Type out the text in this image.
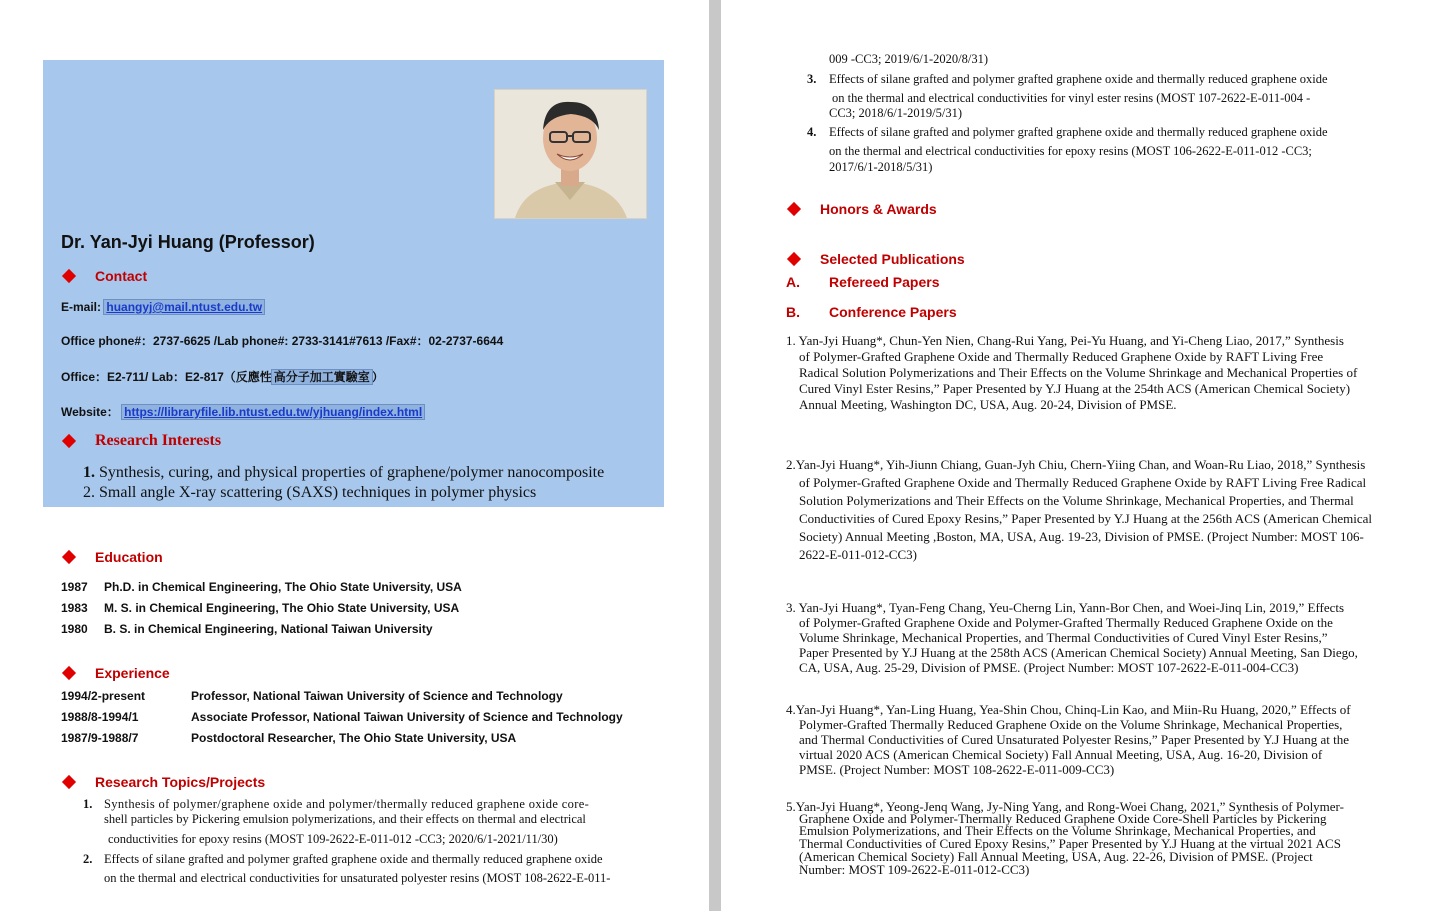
Dr. Yan-Jyi Huang (Professor)
Contact
E-mail: huangyj@mail.ntust.edu.tw
Office phone#：2737-6625 /Lab phone#: 2733-3141#7613 /Fax#：02-2737-6644
Office：E2-711/ Lab：E2-817（反應性 高分子加工實驗室 ）
Website： https://libraryfile.lib.ntust.edu.tw/yjhuang/index.html
Research Interests
1. Synthesis, curing, and physical properties of graphene/polymer nanocomposite
2. Small angle X-ray scattering (SAXS) techniques in polymer physics
Education
1987 Ph.D. in Chemical Engineering, The Ohio State University, USA
1983 M. S. in Chemical Engineering, The Ohio State University, USA
1980 B. S. in Chemical Engineering, National Taiwan University
Experience
1994/2-present	Professor, National Taiwan University of Science and Technology
1988/8-1994/1	Associate Professor, National Taiwan University of Science and Technology
1987/9-1988/7	Postdoctoral Researcher, The Ohio State University, USA
Research Topics/Projects
1. Synthesis of polymer/graphene oxide and polymer/thermally reduced graphene oxide core-
shell particles by Pickering emulsion polymerizations, and their effects on thermal and electrical
conductivities for epoxy resins (MOST 109-2622-E-011-012 -CC3; 2020/6/1-2021/11/30)
2. Effects of silane grafted and polymer grafted graphene oxide and thermally reduced graphene oxide
on the thermal and electrical conductivities for unsaturated polyester resins (MOST 108-2622-E-011-
009 -CC3; 2019/6/1-2020/8/31)
3. Effects of silane grafted and polymer grafted graphene oxide and thermally reduced graphene oxide
on the thermal and electrical conductivities for vinyl ester resins (MOST 107-2622-E-011-004 -
CC3; 2018/6/1-2019/5/31)
4. Effects of silane grafted and polymer grafted graphene oxide and thermally reduced graphene oxide
on the thermal and electrical conductivities for epoxy resins (MOST 106-2622-E-011-012 -CC3;
2017/6/1-2018/5/31)
Honors & Awards
Selected Publications
A. Refereed Papers
B. Conference Papers
1. Yan-Jyi Huang*, Chun-Yen Nien, Chang-Rui Yang, Pei-Yu Huang, and Yi-Cheng Liao, 2017,” Synthesis
of Polymer-Grafted Graphene Oxide and Thermally Reduced Graphene Oxide by RAFT Living Free
Radical Solution Polymerizations and Their Effects on the Volume Shrinkage and Mechanical Properties of
Cured Vinyl Ester Resins,” Paper Presented by Y.J Huang at the 254th ACS (American Chemical Society)
Annual Meeting, Washington DC, USA, Aug. 20-24, Division of PMSE.
2.Yan-Jyi Huang*, Yih-Jiunn Chiang, Guan-Jyh Chiu, Chern-Yiing Chan, and Woan-Ru Liao, 2018,” Synthesis
of Polymer-Grafted Graphene Oxide and Thermally Reduced Graphene Oxide by RAFT Living Free Radical
Solution Polymerizations and Their Effects on the Volume Shrinkage, Mechanical Properties, and Thermal
Conductivities of Cured Epoxy Resins,” Paper Presented by Y.J Huang at the 256th ACS (American Chemical
Society) Annual Meeting ,Boston, MA, USA, Aug. 19-23, Division of PMSE. (Project Number: MOST 106-
2622-E-011-012-CC3)
3. Yan-Jyi Huang*, Tyan-Feng Chang, Yeu-Cherng Lin, Yann-Bor Chen, and Woei-Jinq Lin, 2019,” Effects
of Polymer-Grafted Graphene Oxide and Polymer-Grafted Thermally Reduced Graphene Oxide on the
Volume Shrinkage, Mechanical Properties, and Thermal Conductivities of Cured Vinyl Ester Resins,”
Paper Presented by Y.J Huang at the 258th ACS (American Chemical Society) Annual Meeting, San Diego,
CA, USA, Aug. 25-29, Division of PMSE. (Project Number: MOST 107-2622-E-011-004-CC3)
4.Yan-Jyi Huang*, Yan-Ling Huang, Yea-Shin Chou, Chinq-Lin Kao, and Miin-Ru Huang, 2020,” Effects of
Polymer-Grafted Thermally Reduced Graphene Oxide on the Volume Shrinkage, Mechanical Properties,
and Thermal Conductivities of Cured Unsaturated Polyester Resins,” Paper Presented by Y.J Huang at the
virtual 2020 ACS (American Chemical Society) Fall Annual Meeting, USA, Aug. 16-20, Division of
PMSE. (Project Number: MOST 108-2622-E-011-009-CC3)
5.Yan-Jyi Huang*, Yeong-Jenq Wang, Jy-Ning Yang, and Rong-Woei Chang, 2021,” Synthesis of Polymer-
Graphene Oxide and Polymer-Thermally Reduced Graphene Oxide Core-Shell Particles by Pickering
Emulsion Polymerizations, and Their Effects on the Volume Shrinkage, Mechanical Properties, and
Thermal Conductivities of Cured Epoxy Resins,” Paper Presented by Y.J Huang at the virtual 2021 ACS
(American Chemical Society) Fall Annual Meeting, USA, Aug. 22-26, Division of PMSE. (Project
Number: MOST 109-2622-E-011-012-CC3)
